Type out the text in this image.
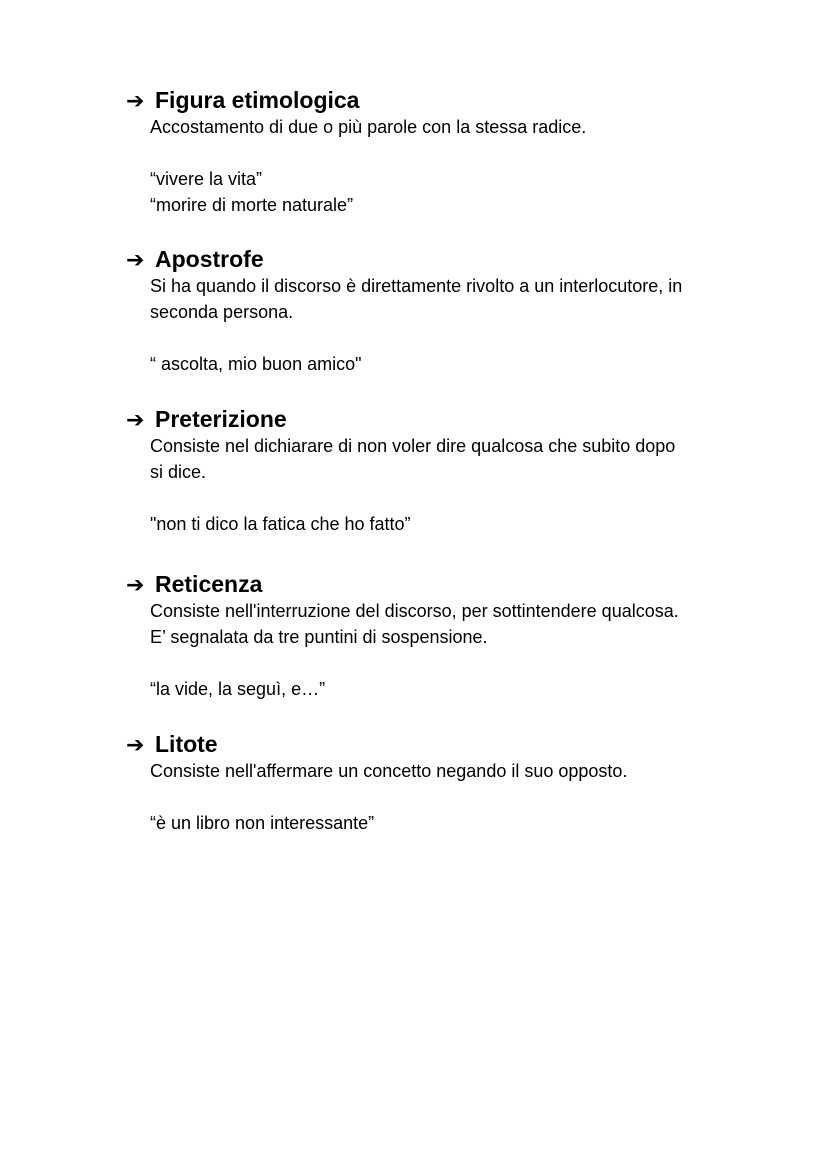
➔ Figura etimologica
Accostamento di due o più parole con la stessa radice.
“vivere la vita”
“morire di morte naturale”
➔ Apostrofe
Si ha quando il discorso è direttamente rivolto a un interlocutore, in
seconda persona.
“ ascolta, mio buon amico"
➔ Preterizione
Consiste nel dichiarare di non voler dire qualcosa che subito dopo
si dice.
"non ti dico la fatica che ho fatto”
➔ Reticenza
Consiste nell'interruzione del discorso, per sottintendere qualcosa.
E’ segnalata da tre puntini di sospensione.
“la vide, la seguì, e…”
➔ Litote
Consiste nell'affermare un concetto negando il suo opposto.
“è un libro non interessante”
